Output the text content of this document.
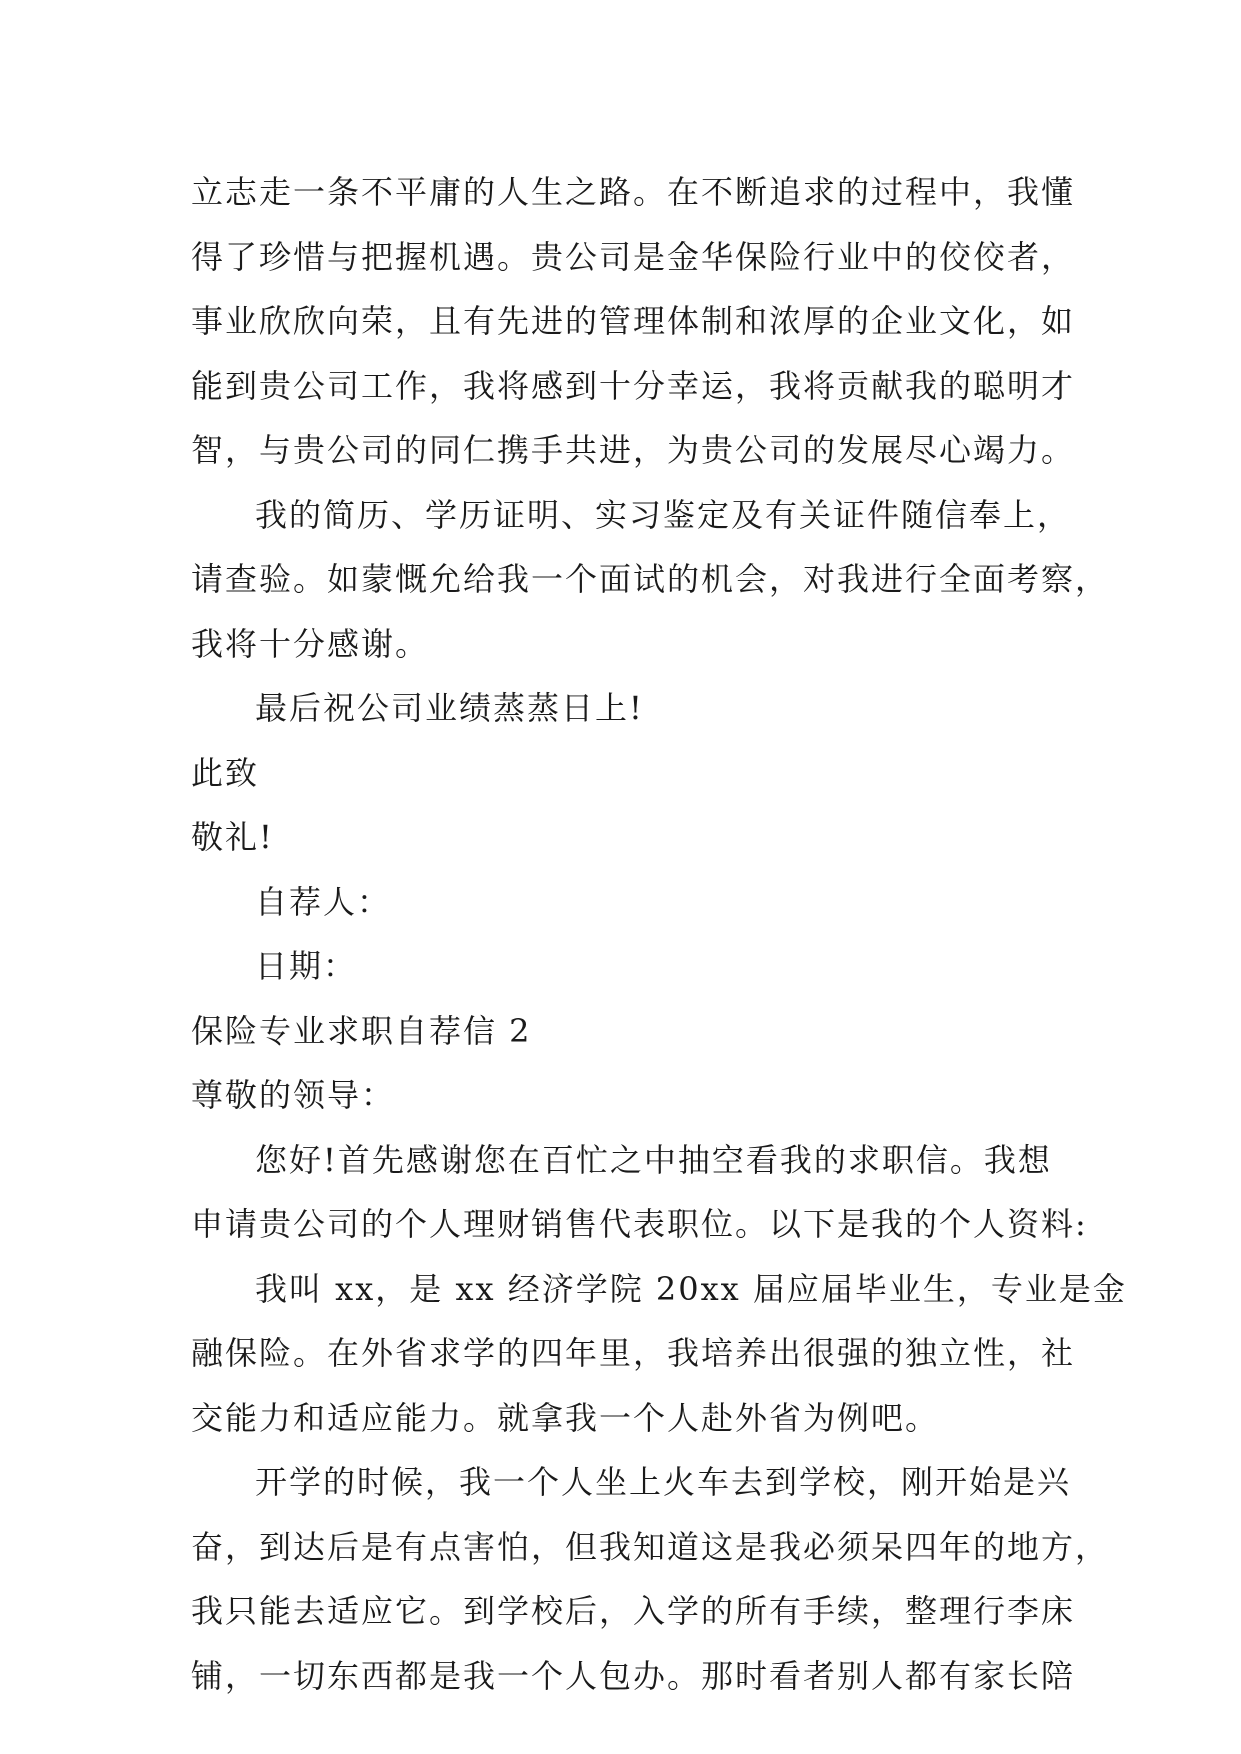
立志走一条不平庸的人生之路。在不断追求的过程中，我懂
得了珍惜与把握机遇。贵公司是金华保险行业中的佼佼者，
事业欣欣向荣，且有先进的管理体制和浓厚的企业文化，如
能到贵公司工作，我将感到十分幸运，我将贡献我的聪明才
智，与贵公司的同仁携手共进，为贵公司的发展尽心竭力。
我的简历、学历证明、实习鉴定及有关证件随信奉上，
请查验。如蒙慨允给我一个面试的机会，对我进行全面考察，
我将十分感谢。
最后祝公司业绩蒸蒸日上!
此致
敬礼!
自荐人：
日期：
保险专业求职自荐信 2
尊敬的领导：
您好!首先感谢您在百忙之中抽空看我的求职信。我想
申请贵公司的个人理财销售代表职位。以下是我的个人资料:
我叫 xx，是 xx 经济学院 20xx 届应届毕业生，专业是金
融保险。在外省求学的四年里，我培养出很强的独立性，社
交能力和适应能力。就拿我一个人赴外省为例吧。
开学的时候，我一个人坐上火车去到学校，刚开始是兴
奋，到达后是有点害怕，但我知道这是我必须呆四年的地方，
我只能去适应它。到学校后，入学的所有手续，整理行李床
铺，一切东西都是我一个人包办。那时看者别人都有家长陪
